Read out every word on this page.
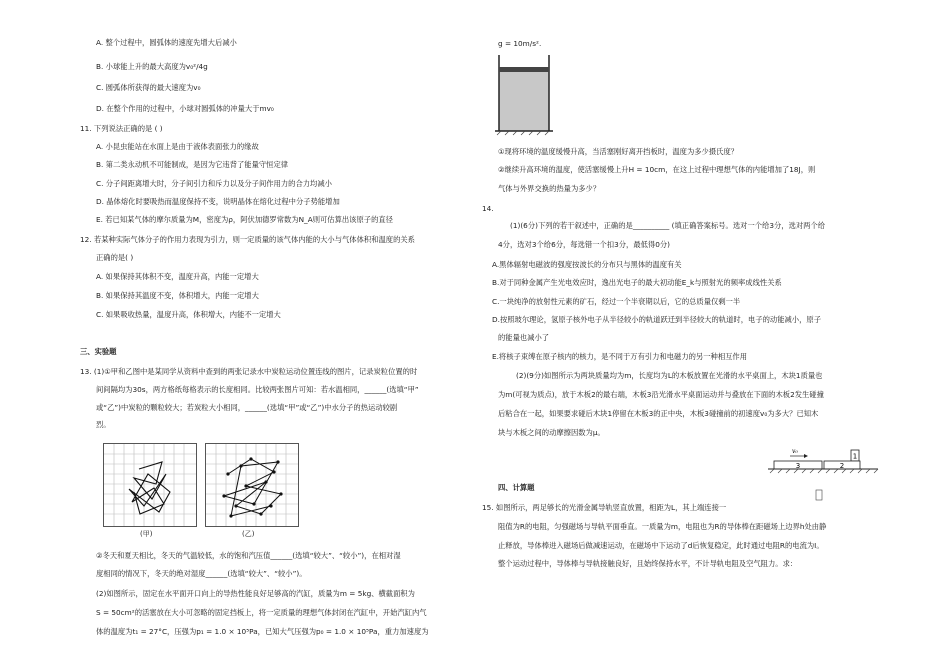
A. 整个过程中，圆弧体的速度先增大后减小
B. 小球能上升的最大高度为v₀²/4g
C. 圆弧体所获得的最大速度为v₀
D. 在整个作用的过程中，小球对圆弧体的冲量大于mv₀
11. 下列说法正确的是 ( )
A. 小昆虫能站在水面上是由于液体表面张力的缘故
B. 第二类永动机不可能制成，是因为它违背了能量守恒定律
C. 分子间距离增大时，分子间引力和斥力以及分子间作用力的合力均减小
D. 晶体熔化时要吸热而温度保持不变，说明晶体在熔化过程中分子势能增加
E. 若已知某气体的摩尔质量为M，密度为ρ，阿伏加德罗常数为N_A则可估算出该原子的直径
12. 若某种实际气体分子的作用力表现为引力，则一定质量的该气体内能的大小与气体体积和温度的关系
正确的是( )
A. 如果保持其体积不变，温度升高，内能一定增大
B. 如果保持其温度不变，体积增大，内能一定增大
C. 如果吸收热量，温度升高，体积增大，内能不一定增大
三、实验题
13. (1)①甲和乙图中是某同学从资料中查到的两张记录水中炭粒运动位置连线的图片，记录炭粒位置的时
间间隔均为30s，两方格纸每格表示的长度相同。比较两张图片可知：若水温相同，______(选填“甲”
或“乙”)中炭粒的颗粒较大；若炭粒大小相同，______(选填“甲”或“乙”)中水分子的热运动较剧
烈。
(甲)	(乙)
②冬天和夏天相比，冬天的气温较低，水的饱和汽压值______(选填“较大”、“较小”)，在相对湿
度相同的情况下，冬天的绝对湿度______(选填“较大”、“较小”)。
(2)如图所示，固定在水平面开口向上的导热性能良好足够高的汽缸，质量为m = 5kg、横截面积为
S = 50cm²的活塞放在大小可忽略的固定挡板上，将一定质量的理想气体封闭在汽缸中，开始汽缸内气
体的温度为t₁ = 27°C，压强为p₁ = 1.0 × 10⁵Pa，已知大气压强为p₀ = 1.0 × 10⁵Pa，重力加速度为
g = 10m/s².
①现将环境的温度缓慢升高，当活塞刚好离开挡板时，温度为多少摄氏度？
②继续升高环境的温度，使活塞缓慢上升H = 10cm，在这上过程中理想气体的内能增加了18J，则
气体与外界交换的热量为多少？
14.
(1)(6分)下列的若干叙述中，正确的是__________ (填正确答案标号。选对一个给3分，选对两个给
4分，选对3个给6分，每选错一个扣3分，最低得0分)
A.黑体辐射电磁波的强度按波长的分布只与黑体的温度有关
B.对于同种金属产生光电效应时，逸出光电子的最大初动能E_k与照射光的频率成线性关系
C.一块纯净的放射性元素的矿石，经过一个半衰期以后，它的总质量仅剩一半
D.按照玻尔理论，氢原子核外电子从半径较小的轨道跃迁到半径较大的轨道时，电子的动能减小，原子
的能量也减小了
E.将核子束缚在原子核内的核力，是不同于万有引力和电磁力的另一种相互作用
(2)(9分)如图所示为两块质量均为m，长度均为L的木板放置在光滑的水平桌面上，木块1质量也
为m(可视为质点)，放于木板2的最右端，木板3沿光滑水平桌面运动并与叠放在下面的木板2发生碰撞
后粘合在一起，如果要求碰后木块1停留在木板3的正中央，木板3碰撞前的初速度v₀为多大？已知木
块与木板之间的动摩擦因数为μ。
1
v₀
3	2
四、计算题
15. 如图所示，两足够长的光滑金属导轨竖直放置，相距为L，其上端连接一
阻值为R的电阻，匀强磁场与导轨平面垂直。一质量为m，电阻也为R的导体棒在距磁场上边界h处由静
止释放，导体棒进入磁场后做减速运动，在磁场中下运动了d后恢复稳定，此时通过电阻R的电流为I。
整个运动过程中，导体棒与导轨接触良好，且始终保持水平，不计导轨电阻及空气阻力。求：
